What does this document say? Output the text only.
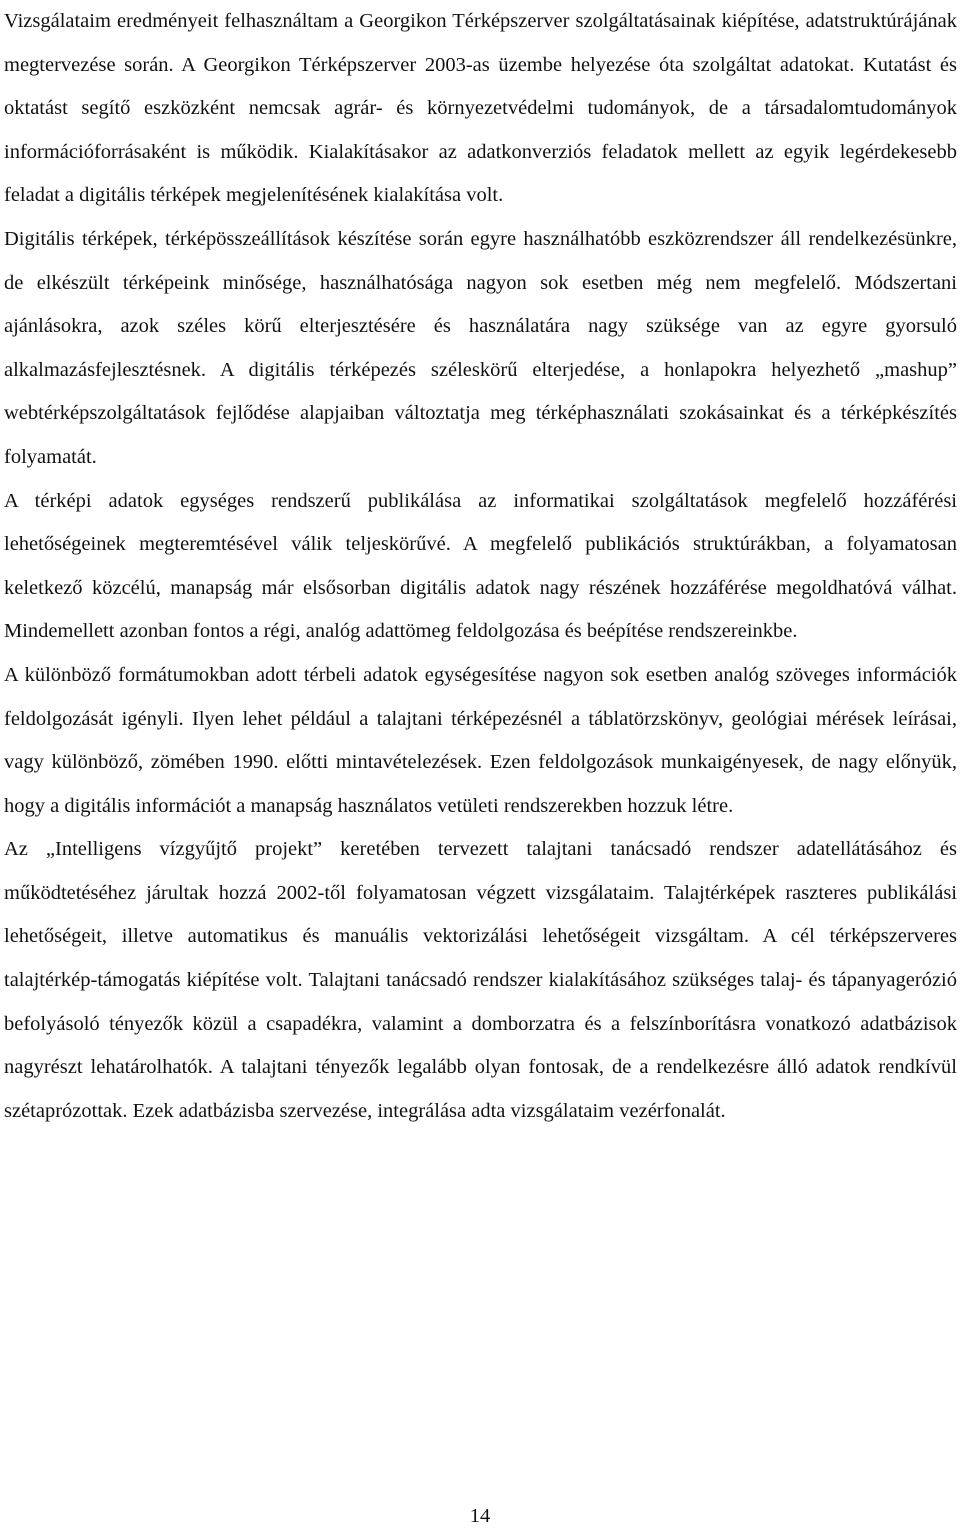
Vizsgálataim eredményeit felhasználtam a Georgikon Térképszerver szolgáltatásainak kiépítése, adatstruktúrájának megtervezése során. A Georgikon Térképszerver 2003-as üzembe helyezése óta szolgáltat adatokat. Kutatást és oktatást segítő eszközként nemcsak agrár- és környezetvédelmi tudományok, de a társadalomtudományok információforrásaként is működik. Kialakításakor az adatkonverziós feladatok mellett az egyik legérdekesebb feladat a digitális térképek megjelenítésének kialakítása volt.

Digitális térképek, térképösszeállítások készítése során egyre használhatóbb eszközrendszer áll rendelkezésünkre, de elkészült térképeink minősége, használhatósága nagyon sok esetben még nem megfelelő. Módszertani ajánlásokra, azok széles körű elterjesztésére és használatára nagy szüksége van az egyre gyorsuló alkalmazásfejlesztésnek. A digitális térképezés széleskörű elterjedése, a honlapokra helyezhető „mashup” webtérképszolgáltatások fejlődése alapjaiban változtatja meg térképhasználati szokásainkat és a térképkészítés folyamatát.

A térképi adatok egységes rendszerű publikálása az informatikai szolgáltatások megfelelő hozzáférési lehetőségeinek megteremtésével válik teljeskörűvé. A megfelelő publikációs struktúrákban, a folyamatosan keletkező közcélú, manapság már elsősorban digitális adatok nagy részének hozzáférése megoldhatóvá válhat. Mindemellett azonban fontos a régi, analóg adattömeg feldolgozása és beépítése rendszereinkbe.

A különböző formátumokban adott térbeli adatok egységesítése nagyon sok esetben analóg szöveges információk feldolgozását igényli. Ilyen lehet például a talajtani térképezésnél a táblatörzskönyv, geológiai mérések leírásai, vagy különböző, zömében 1990. előtti mintavételezések. Ezen feldolgozások munkaigényesek, de nagy előnyük, hogy a digitális információt a manapság használatos vetületi rendszerekben hozzuk létre.

Az „Intelligens vízgyűjtő projekt” keretében tervezett talajtani tanácsadó rendszer adatellátásához és működtetéséhez járultak hozzá 2002-től folyamatosan végzett vizsgálataim. Talajtérképek raszteres publikálási lehetőségeit, illetve automatikus és manuális vektorizálási lehetőségeit vizsgáltam. A cél térképszerveres talajtérkép-támogatás kiépítése volt. Talajtani tanácsadó rendszer kialakításához szükséges talaj- és tápanyagerózió befolyásoló tényezők közül a csapadékra, valamint a domborzatra és a felszínborításra vonatkozó adatbázisok nagyrészt lehatárolhatók. A talajtani tényezők legalább olyan fontosak, de a rendelkezésre álló adatok rendkívül szétaprózottak. Ezek adatbázisba szervezése, integrálása adta vizsgálataim vezérfonalát.

14
